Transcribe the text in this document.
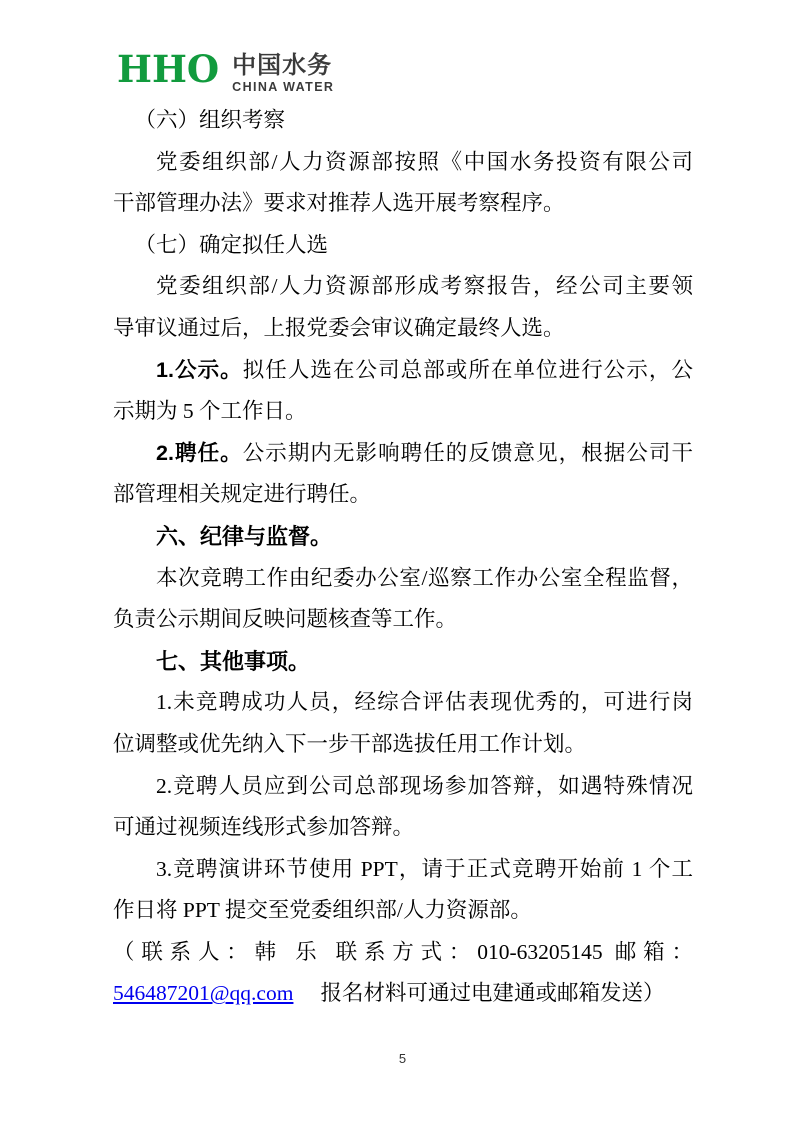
HHO 中国水务
CHINA WATER
（六）组织考察
党委组织部/人力资源部按照《中国水务投资有限公司
干部管理办法》要求对推荐人选开展考察程序。
（七）确定拟任人选
党委组织部/人力资源部形成考察报告，经公司主要领
导审议通过后，上报党委会审议确定最终人选。
1.公示。拟任人选在公司总部或所在单位进行公示，公
示期为 5 个工作日。
2.聘任。公示期内无影响聘任的反馈意见，根据公司干
部管理相关规定进行聘任。
六、纪律与监督。
本次竞聘工作由纪委办公室/巡察工作办公室全程监督，
负责公示期间反映问题核查等工作。
七、其他事项。
1.未竞聘成功人员，经综合评估表现优秀的，可进行岗
位调整或优先纳入下一步干部选拔任用工作计划。
2.竞聘人员应到公司总部现场参加答辩，如遇特殊情况
可通过视频连线形式参加答辩。
3.竞聘演讲环节使用 PPT，请于正式竞聘开始前 1 个工
作日将 PPT 提交至党委组织部/人力资源部。
（联系人：韩 乐 联系方式：010-63205145 邮箱：
546487201@qq.com 报名材料可通过电建通或邮箱发送）
5
